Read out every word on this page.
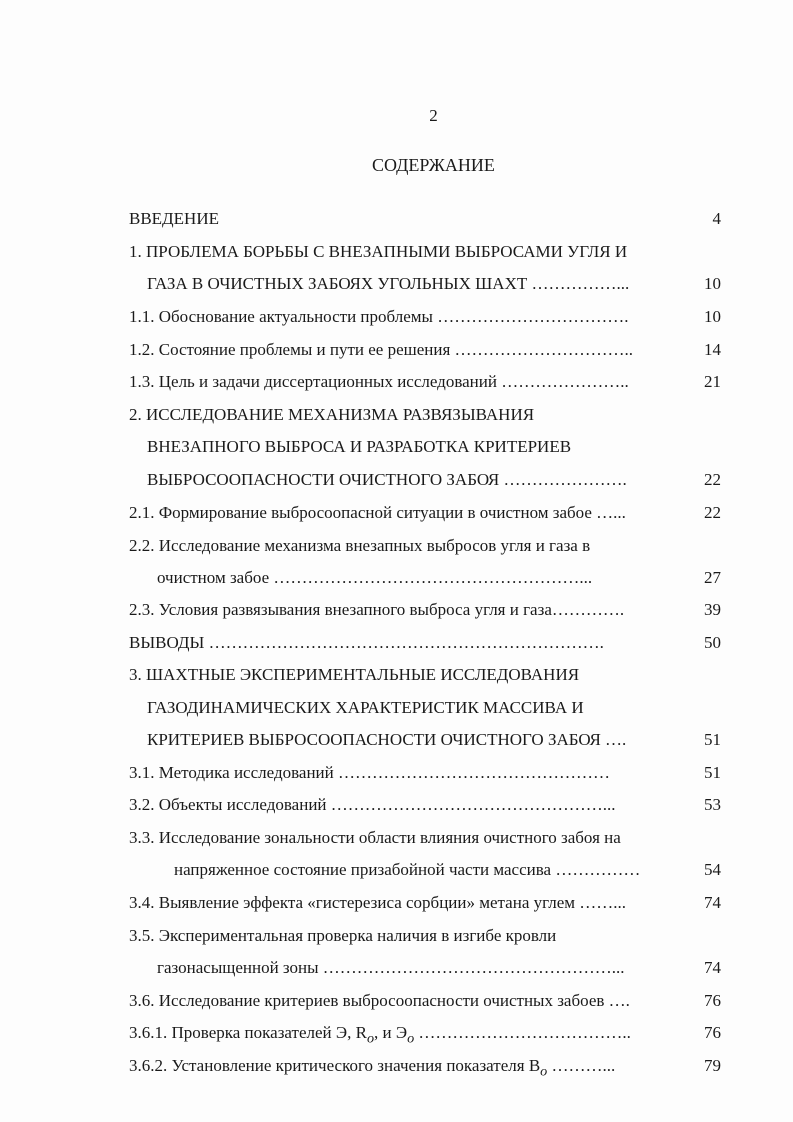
2
СОДЕРЖАНИЕ
ВВЕДЕНИЕ	4
1. ПРОБЛЕМА БОРЬБЫ С ВНЕЗАПНЫМИ ВЫБРОСАМИ УГЛЯ И
ГАЗА В ОЧИСТНЫХ ЗАБОЯХ УГОЛЬНЫХ ШАХТ ……………...	10
1.1. Обоснование актуальности проблемы …………………………….	10
1.2. Состояние проблемы и пути ее решения …………………………..	14
1.3. Цель и задачи диссертационных исследований …………………..	21
2. ИССЛЕДОВАНИЕ МЕХАНИЗМА РАЗВЯЗЫВАНИЯ
ВНЕЗАПНОГО ВЫБРОСА И РАЗРАБОТКА КРИТЕРИЕВ
ВЫБРОСООПАСНОСТИ ОЧИСТНОГО ЗАБОЯ ………………….	22
2.1. Формирование выбросоопасной ситуации в очистном забое …...	22
2.2. Исследование механизма внезапных выбросов угля и газа в
очистном забое ………………………………………………...	27
2.3. Условия развязывания внезапного выброса угля и газа………….	39
ВЫВОДЫ …………………………………………………………….	50
3. ШАХТНЫЕ ЭКСПЕРИМЕНТАЛЬНЫЕ ИССЛЕДОВАНИЯ
ГАЗОДИНАМИЧЕСКИХ ХАРАКТЕРИСТИК МАССИВА И
КРИТЕРИЕВ ВЫБРОСООПАСНОСТИ ОЧИСТНОГО ЗАБОЯ ….	51
3.1. Методика исследований …………………………………………	51
3.2. Объекты исследований …………………………………………...	53
3.3. Исследование зональности области влияния очистного забоя на
напряженное состояние призабойной части массива ……………	54
3.4. Выявление эффекта «гистерезиса сорбции» метана углем ……...	74
3.5. Экспериментальная проверка наличия в изгибе кровли
газонасыщенной зоны ……………………………………………...	74
3.6. Исследование критериев выбросоопасности очистных забоев ….	76
3.6.1. Проверка показателей Э, $R_o$, и $Э_o$ ………………………………..	76
3.6.2. Установление критического значения показателя $B_o$ ………...	79
